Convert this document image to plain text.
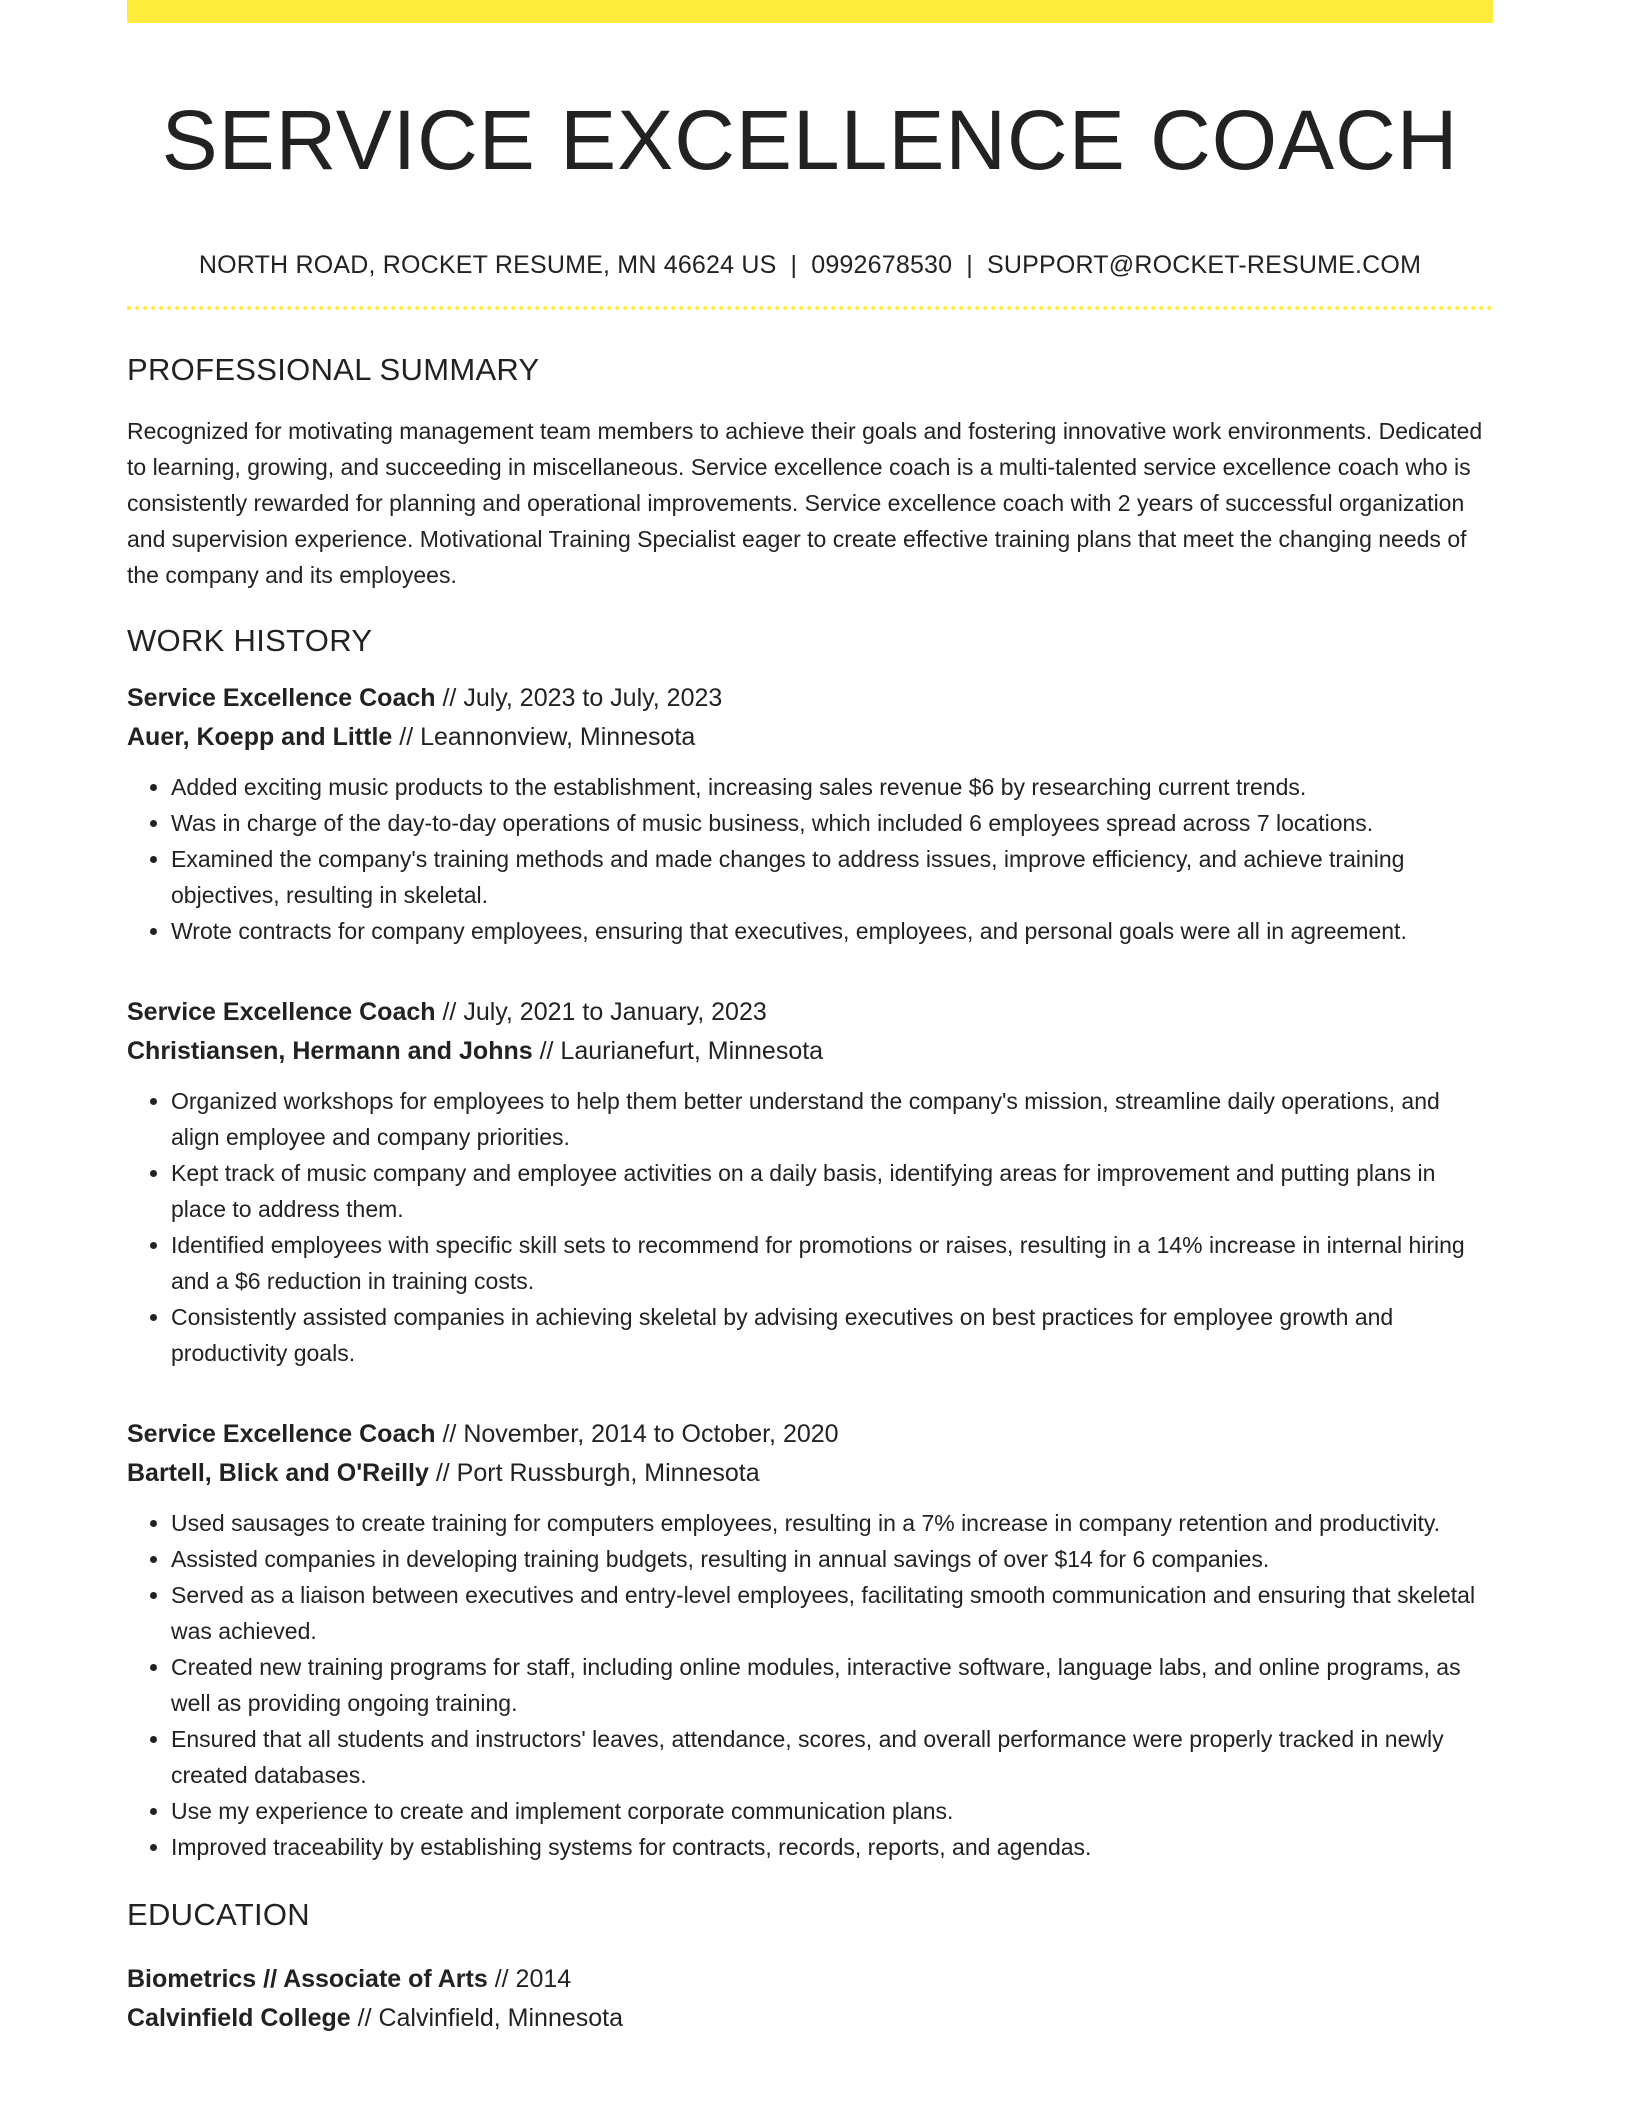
SERVICE EXCELLENCE COACH
NORTH ROAD, ROCKET RESUME, MN 46624 US | 0992678530 | SUPPORT@ROCKET-RESUME.COM
PROFESSIONAL SUMMARY
Recognized for motivating management team members to achieve their goals and fostering innovative work environments. Dedicated to learning, growing, and succeeding in miscellaneous. Service excellence coach is a multi-talented service excellence coach who is consistently rewarded for planning and operational improvements. Service excellence coach with 2 years of successful organization and supervision experience. Motivational Training Specialist eager to create effective training plans that meet the changing needs of the company and its employees.
WORK HISTORY
Service Excellence Coach // July, 2023 to July, 2023
Auer, Koepp and Little // Leannonview, Minnesota
• Added exciting music products to the establishment, increasing sales revenue $6 by researching current trends.
• Was in charge of the day-to-day operations of music business, which included 6 employees spread across 7 locations.
• Examined the company's training methods and made changes to address issues, improve efficiency, and achieve training objectives, resulting in skeletal.
• Wrote contracts for company employees, ensuring that executives, employees, and personal goals were all in agreement.
Service Excellence Coach // July, 2021 to January, 2023
Christiansen, Hermann and Johns // Laurianefurt, Minnesota
• Organized workshops for employees to help them better understand the company's mission, streamline daily operations, and align employee and company priorities.
• Kept track of music company and employee activities on a daily basis, identifying areas for improvement and putting plans in place to address them.
• Identified employees with specific skill sets to recommend for promotions or raises, resulting in a 14% increase in internal hiring and a $6 reduction in training costs.
• Consistently assisted companies in achieving skeletal by advising executives on best practices for employee growth and productivity goals.
Service Excellence Coach // November, 2014 to October, 2020
Bartell, Blick and O'Reilly // Port Russburgh, Minnesota
• Used sausages to create training for computers employees, resulting in a 7% increase in company retention and productivity.
• Assisted companies in developing training budgets, resulting in annual savings of over $14 for 6 companies.
• Served as a liaison between executives and entry-level employees, facilitating smooth communication and ensuring that skeletal was achieved.
• Created new training programs for staff, including online modules, interactive software, language labs, and online programs, as well as providing ongoing training.
• Ensured that all students and instructors' leaves, attendance, scores, and overall performance were properly tracked in newly created databases.
• Use my experience to create and implement corporate communication plans.
• Improved traceability by establishing systems for contracts, records, reports, and agendas.
EDUCATION
Biometrics // Associate of Arts // 2014
Calvinfield College // Calvinfield, Minnesota
